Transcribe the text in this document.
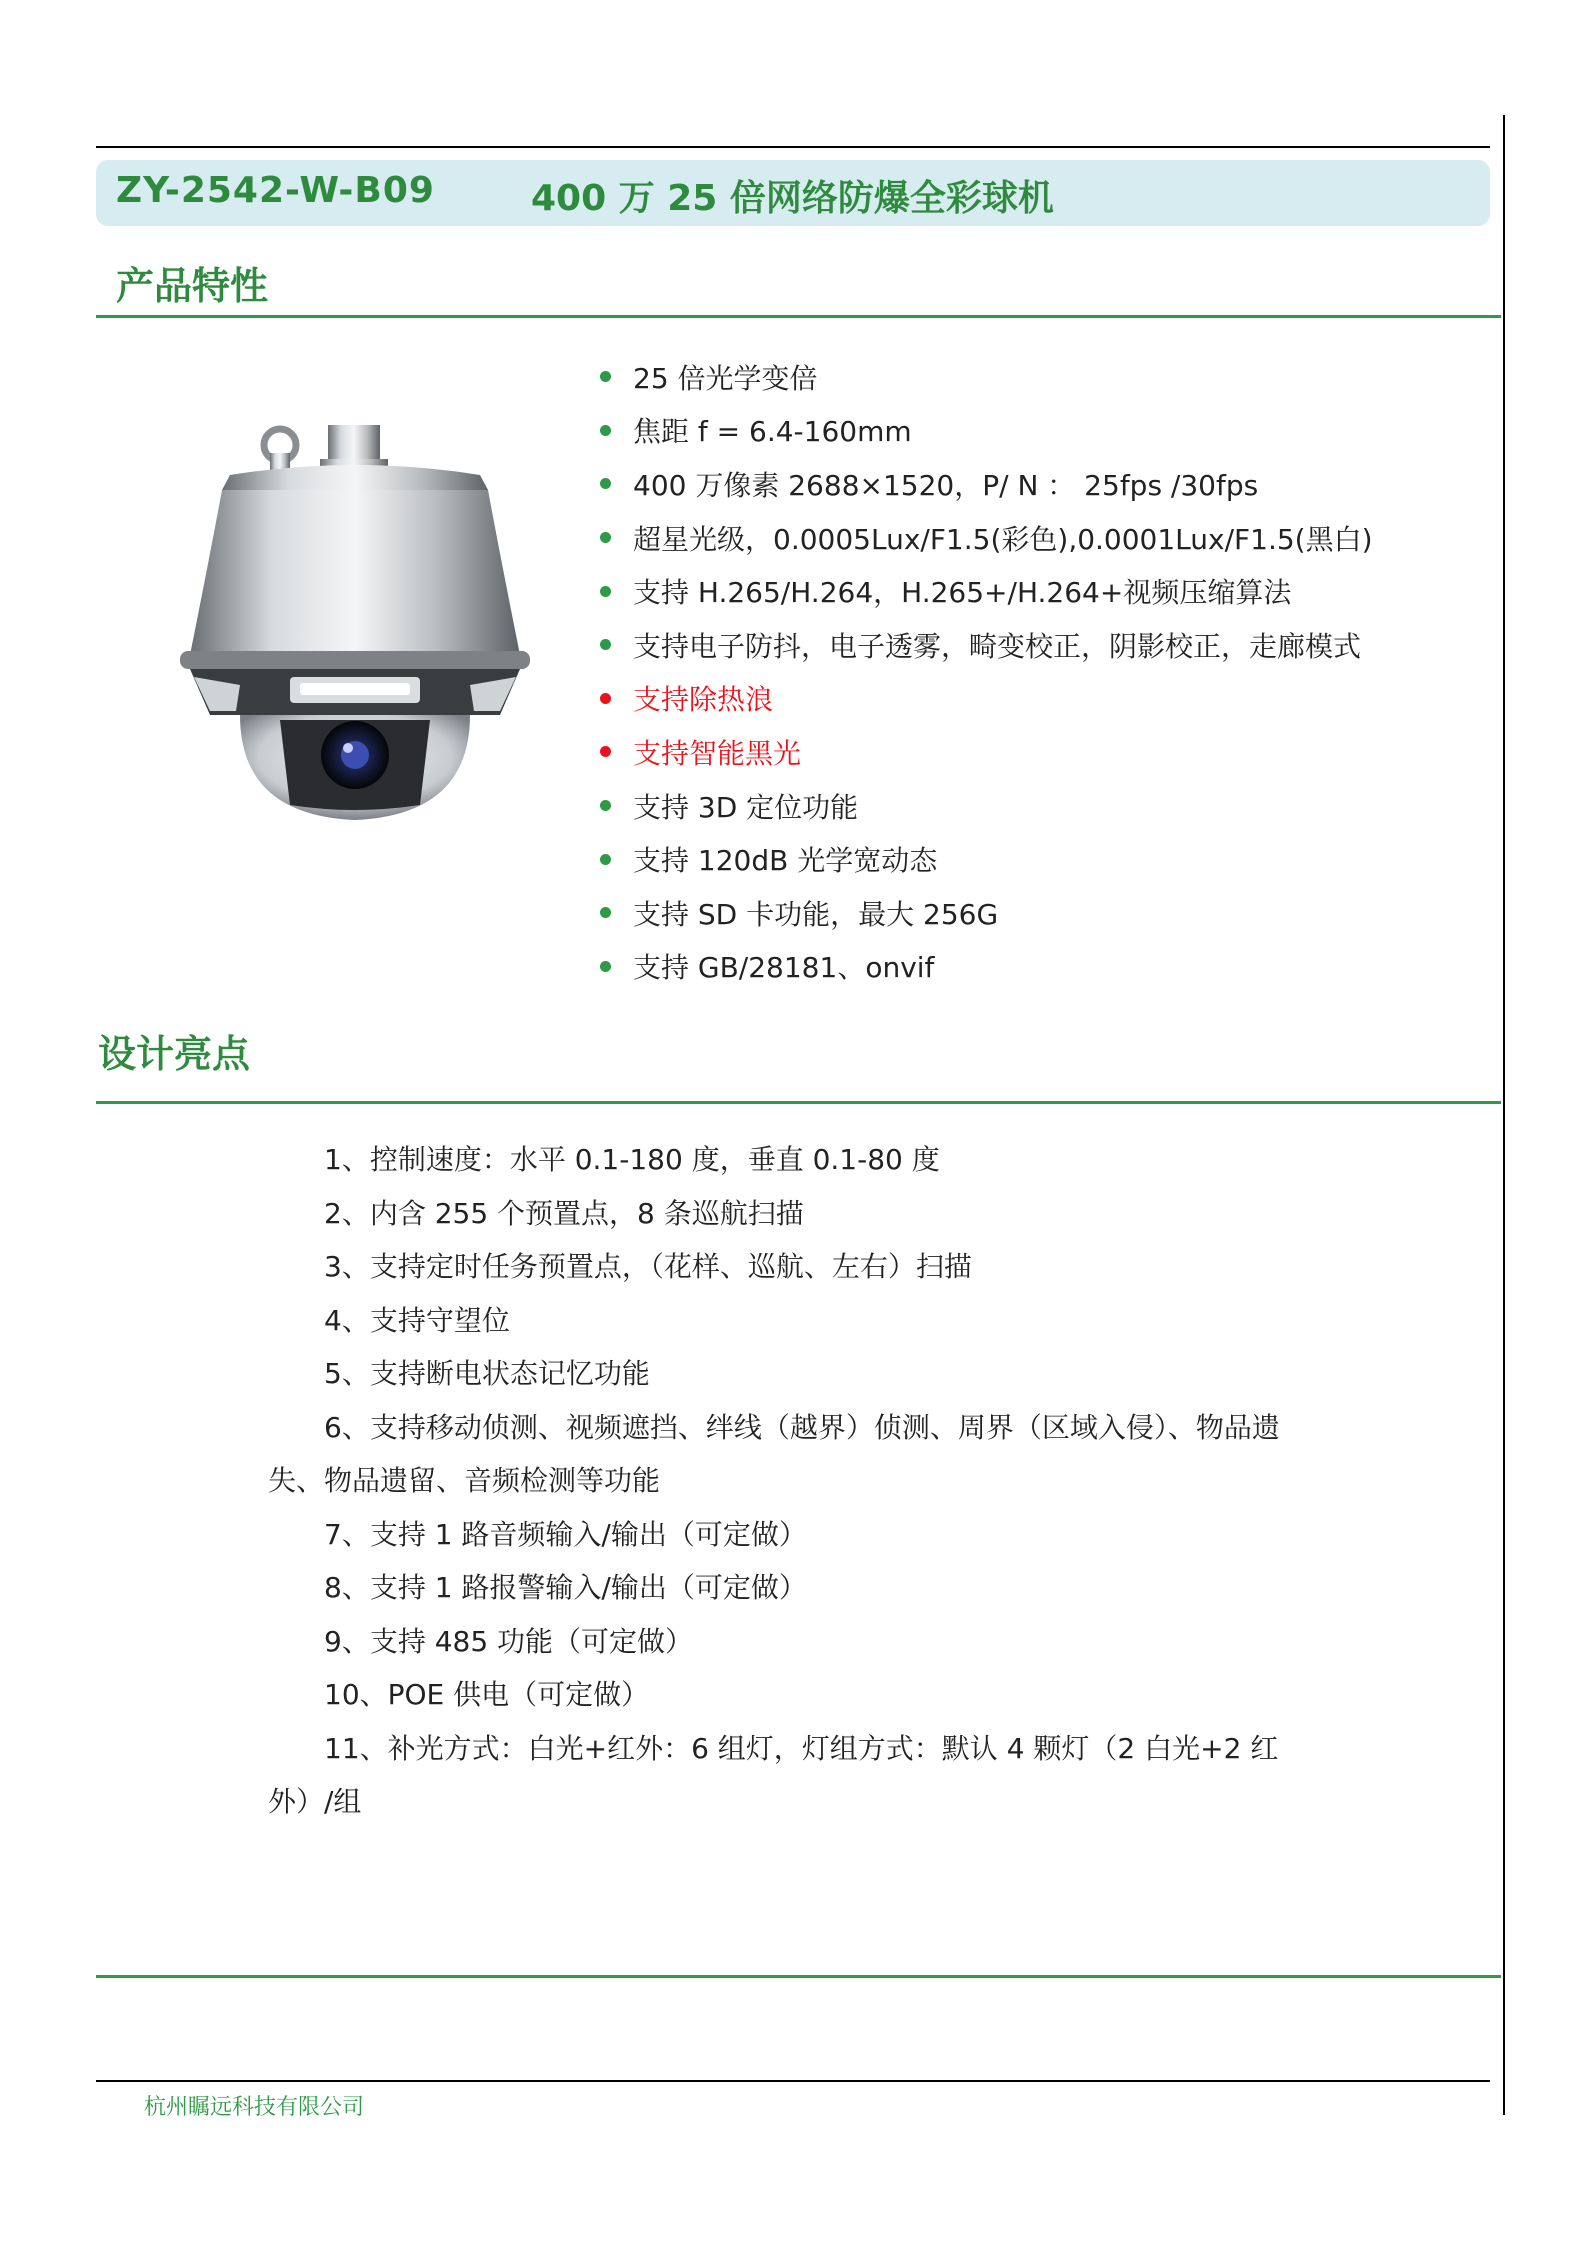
ZY-2542-W-B09	400 万 25 倍网络防爆全彩球机
产品特性
25 倍光学变倍
焦距 f = 6.4-160mm
400 万像素 2688×1520，P/ N ： 25fps /30fps
超星光级，0.0005Lux/F1.5(彩色),0.0001Lux/F1.5(黑白)
支持 H.265/H.264，H.265+/H.264+视频压缩算法
支持电子防抖，电子透雾，畸变校正，阴影校正，走廊模式
支持除热浪
支持智能黑光
支持 3D 定位功能
支持 120dB 光学宽动态
支持 SD 卡功能，最大 256G
支持 GB/28181、onvif
设计亮点
1、控制速度：水平 0.1-180 度，垂直 0.1-80 度
2、内含 255 个预置点，8 条巡航扫描
3、支持定时任务预置点，（花样、巡航、左右）扫描
4、支持守望位
5、支持断电状态记忆功能
6、支持移动侦测、视频遮挡、绊线（越界）侦测、周界（区域入侵）、物品遗失、物品遗留、音频检测等功能
7、支持 1 路音频输入/输出（可定做）
8、支持 1 路报警输入/输出（可定做）
9、支持 485 功能（可定做）
10、POE 供电（可定做）
11、补光方式：白光+红外：6 组灯，灯组方式：默认 4 颗灯（2 白光+2 红外）/组
杭州瞩远科技有限公司
